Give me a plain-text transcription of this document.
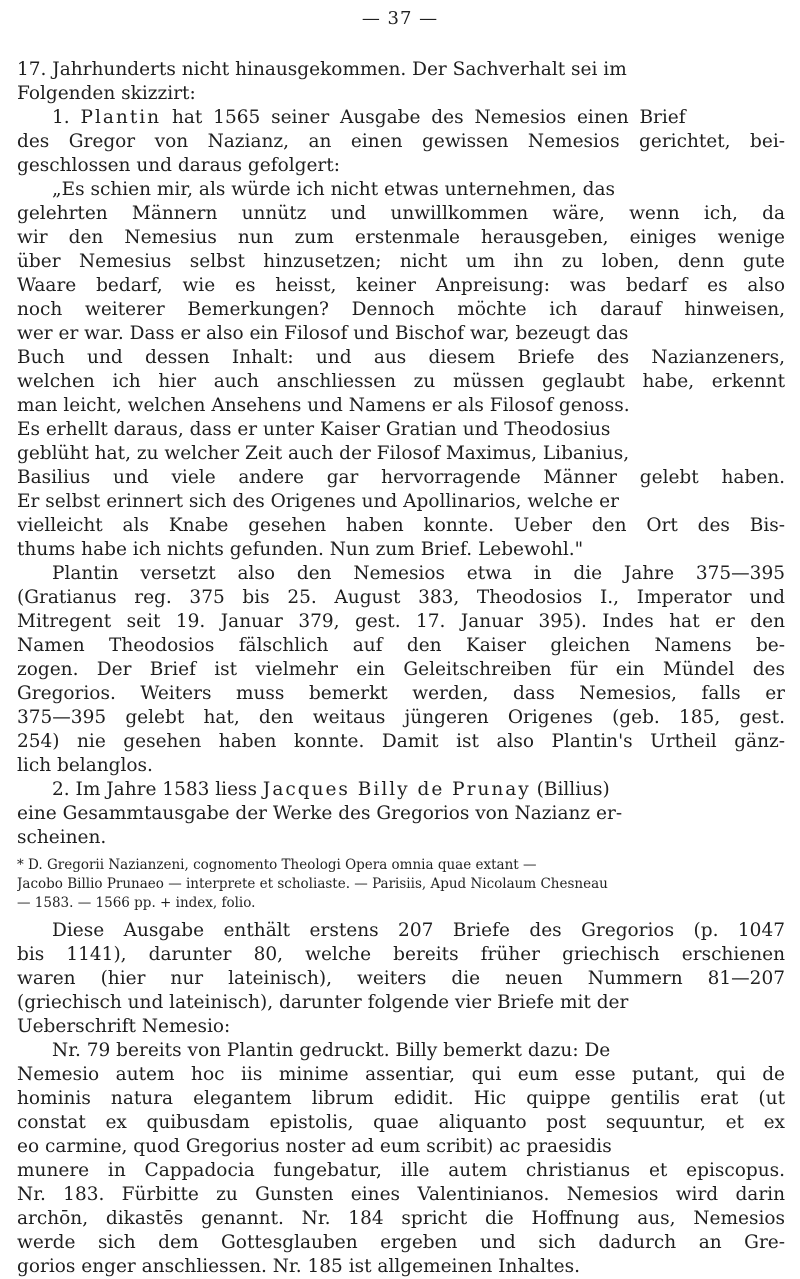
— 37 —
17. Jahrhunderts nicht hinausgekommen. Der Sachverhalt sei im
Folgenden skizzirt:
1. Plantin hat 1565 seiner Ausgabe des Nemesios einen Brief
des Gregor von Nazianz, an einen gewissen Nemesios gerichtet, bei-
geschlossen und daraus gefolgert:
„Es schien mir, als würde ich nicht etwas unternehmen, das
gelehrten Männern unnütz und unwillkommen wäre, wenn ich, da
wir den Nemesius nun zum erstenmale herausgeben, einiges wenige
über Nemesius selbst hinzusetzen; nicht um ihn zu loben, denn gute
Waare bedarf, wie es heisst, keiner Anpreisung: was bedarf es also
noch weiterer Bemerkungen? Dennoch möchte ich darauf hinweisen,
wer er war. Dass er also ein Filosof und Bischof war, bezeugt das
Buch und dessen Inhalt: und aus diesem Briefe des Nazianzeners,
welchen ich hier auch anschliessen zu müssen geglaubt habe, erkennt
man leicht, welchen Ansehens und Namens er als Filosof genoss.
Es erhellt daraus, dass er unter Kaiser Gratian und Theodosius
geblüht hat, zu welcher Zeit auch der Filosof Maximus, Libanius,
Basilius und viele andere gar hervorragende Männer gelebt haben.
Er selbst erinnert sich des Origenes und Apollinarios, welche er
vielleicht als Knabe gesehen haben konnte. Ueber den Ort des Bis-
thums habe ich nichts gefunden. Nun zum Brief. Lebewohl."
Plantin versetzt also den Nemesios etwa in die Jahre 375—395
(Gratianus reg. 375 bis 25. August 383, Theodosios I., Imperator und
Mitregent seit 19. Januar 379, gest. 17. Januar 395). Indes hat er den
Namen Theodosios fälschlich auf den Kaiser gleichen Namens be-
zogen. Der Brief ist vielmehr ein Geleitschreiben für ein Mündel des
Gregorios. Weiters muss bemerkt werden, dass Nemesios, falls er
375—395 gelebt hat, den weitaus jüngeren Origenes (geb. 185, gest.
254) nie gesehen haben konnte. Damit ist also Plantin's Urtheil gänz-
lich belanglos.
2. Im Jahre 1583 liess Jacques Billy de Prunay (Billius)
eine Gesammtausgabe der Werke des Gregorios von Nazianz er-
scheinen.
* D. Gregorii Nazianzeni, cognomento Theologi Opera omnia quae extant —
Jacobo Billio Prunaeo — interprete et scholiaste. — Parisiis, Apud Nicolaum Chesneau
— 1583. — 1566 pp. + index, folio.
Diese Ausgabe enthält erstens 207 Briefe des Gregorios (p. 1047
bis 1141), darunter 80, welche bereits früher griechisch erschienen
waren (hier nur lateinisch), weiters die neuen Nummern 81—207
(griechisch und lateinisch), darunter folgende vier Briefe mit der
Ueberschrift Nemesio:
Nr. 79 bereits von Plantin gedruckt. Billy bemerkt dazu: De
Nemesio autem hoc iis minime assentiar, qui eum esse putant, qui de
hominis natura elegantem librum edidit. Hic quippe gentilis erat (ut
constat ex quibusdam epistolis, quae aliquanto post sequuntur, et ex
eo carmine, quod Gregorius noster ad eum scribit) ac praesidis
munere in Cappadocia fungebatur, ille autem christianus et episcopus.
Nr. 183. Fürbitte zu Gunsten eines Valentinianos. Nemesios wird darin
archōn, dikastēs genannt. Nr. 184 spricht die Hoffnung aus, Nemesios
werde sich dem Gottesglauben ergeben und sich dadurch an Gre-
gorios enger anschliessen. Nr. 185 ist allgemeinen Inhaltes.
